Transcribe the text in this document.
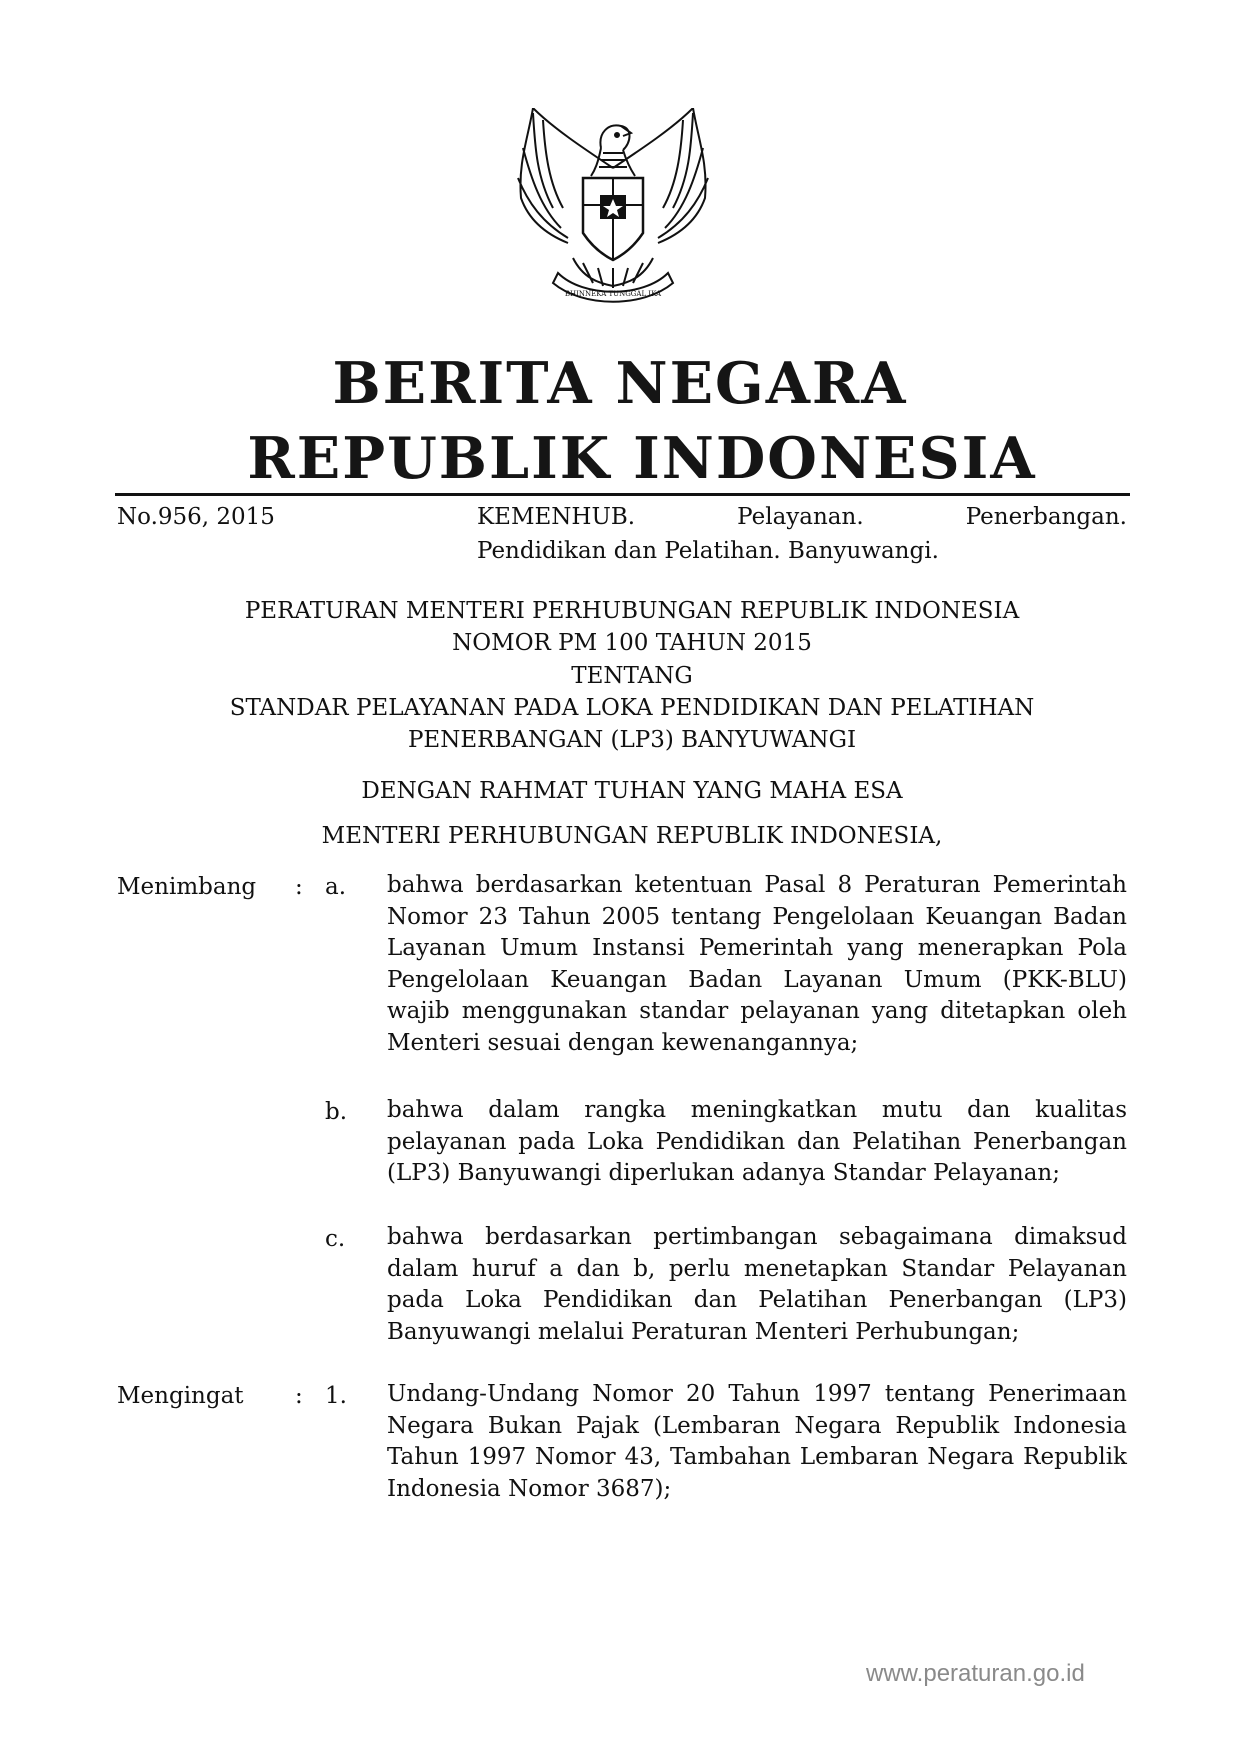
BHINNEKA TUNGGAL IKA
BERITA NEGARA
REPUBLIK INDONESIA
No.956, 2015	KEMENHUB.	Pelayanan.	Penerbangan.
Pendidikan dan Pelatihan. Banyuwangi.
PERATURAN MENTERI PERHUBUNGAN REPUBLIK INDONESIA
NOMOR PM 100 TAHUN 2015
TENTANG
STANDAR PELAYANAN PADA LOKA PENDIDIKAN DAN PELATIHAN
PENERBANGAN (LP3) BANYUWANGI
DENGAN RAHMAT TUHAN YANG MAHA ESA
MENTERI PERHUBUNGAN REPUBLIK INDONESIA,
Menimbang : a. bahwa berdasarkan ketentuan Pasal 8 Peraturan Pemerintah Nomor 23 Tahun 2005 tentang Pengelolaan Keuangan Badan Layanan Umum Instansi Pemerintah yang menerapkan Pola Pengelolaan Keuangan Badan Layanan Umum (PKK-BLU) wajib menggunakan standar pelayanan yang ditetapkan oleh Menteri sesuai dengan kewenangannya;
b. bahwa dalam rangka meningkatkan mutu dan kualitas pelayanan pada Loka Pendidikan dan Pelatihan Penerbangan (LP3) Banyuwangi diperlukan adanya Standar Pelayanan;
c. bahwa berdasarkan pertimbangan sebagaimana dimaksud dalam huruf a dan b, perlu menetapkan Standar Pelayanan pada Loka Pendidikan dan Pelatihan Penerbangan (LP3) Banyuwangi melalui Peraturan Menteri Perhubungan;
Mengingat : 1. Undang-Undang Nomor 20 Tahun 1997 tentang Penerimaan Negara Bukan Pajak (Lembaran Negara Republik Indonesia Tahun 1997 Nomor 43, Tambahan Lembaran Negara Republik Indonesia Nomor 3687);
www.peraturan.go.id
